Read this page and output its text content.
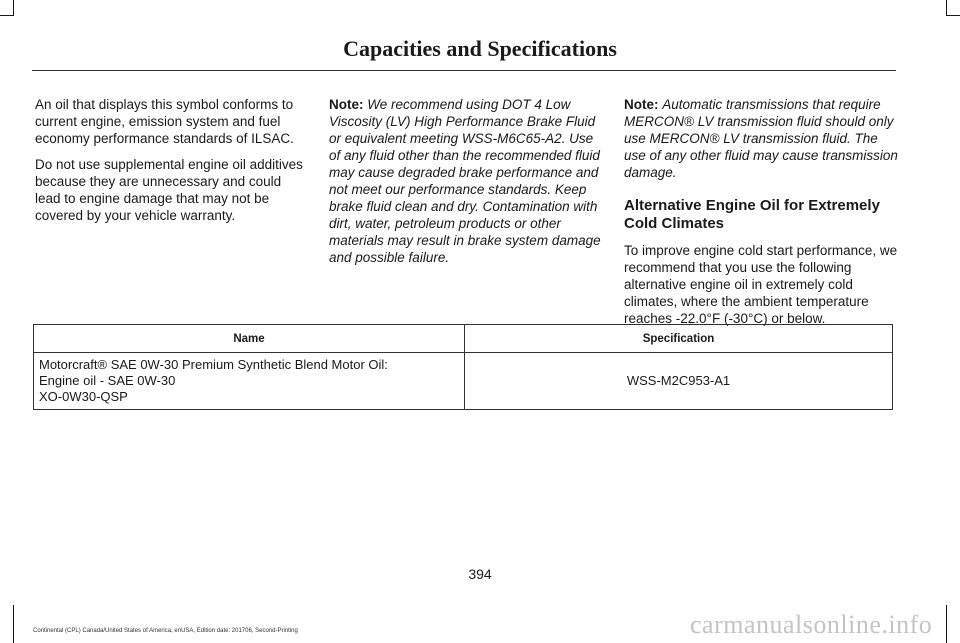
Capacities and Specifications

An oil that displays this symbol conforms to current engine, emission system and fuel economy performance standards of ILSAC.

Do not use supplemental engine oil additives because they are unnecessary and could lead to engine damage that may not be covered by your vehicle warranty.

Note: We recommend using DOT 4 Low Viscosity (LV) High Performance Brake Fluid or equivalent meeting WSS-M6C65-A2. Use of any fluid other than the recommended fluid may cause degraded brake performance and not meet our performance standards. Keep brake fluid clean and dry. Contamination with dirt, water, petroleum products or other materials may result in brake system damage and possible failure.

Note: Automatic transmissions that require MERCON® LV transmission fluid should only use MERCON® LV transmission fluid. The use of any other fluid may cause transmission damage.

Alternative Engine Oil for Extremely Cold Climates

To improve engine cold start performance, we recommend that you use the following alternative engine oil in extremely cold climates, where the ambient temperature reaches -22.0°F (-30°C) or below.

Name	Specification

Motorcraft® SAE 0W-30 Premium Synthetic Blend Motor Oil:
Engine oil - SAE 0W-30
XO-0W30-QSP	WSS-M2C953-A1
394
Continental (CPL) Canada/United States of America, enUSA, Edition date: 201706, Second-Printing	carmanualsonline.info
